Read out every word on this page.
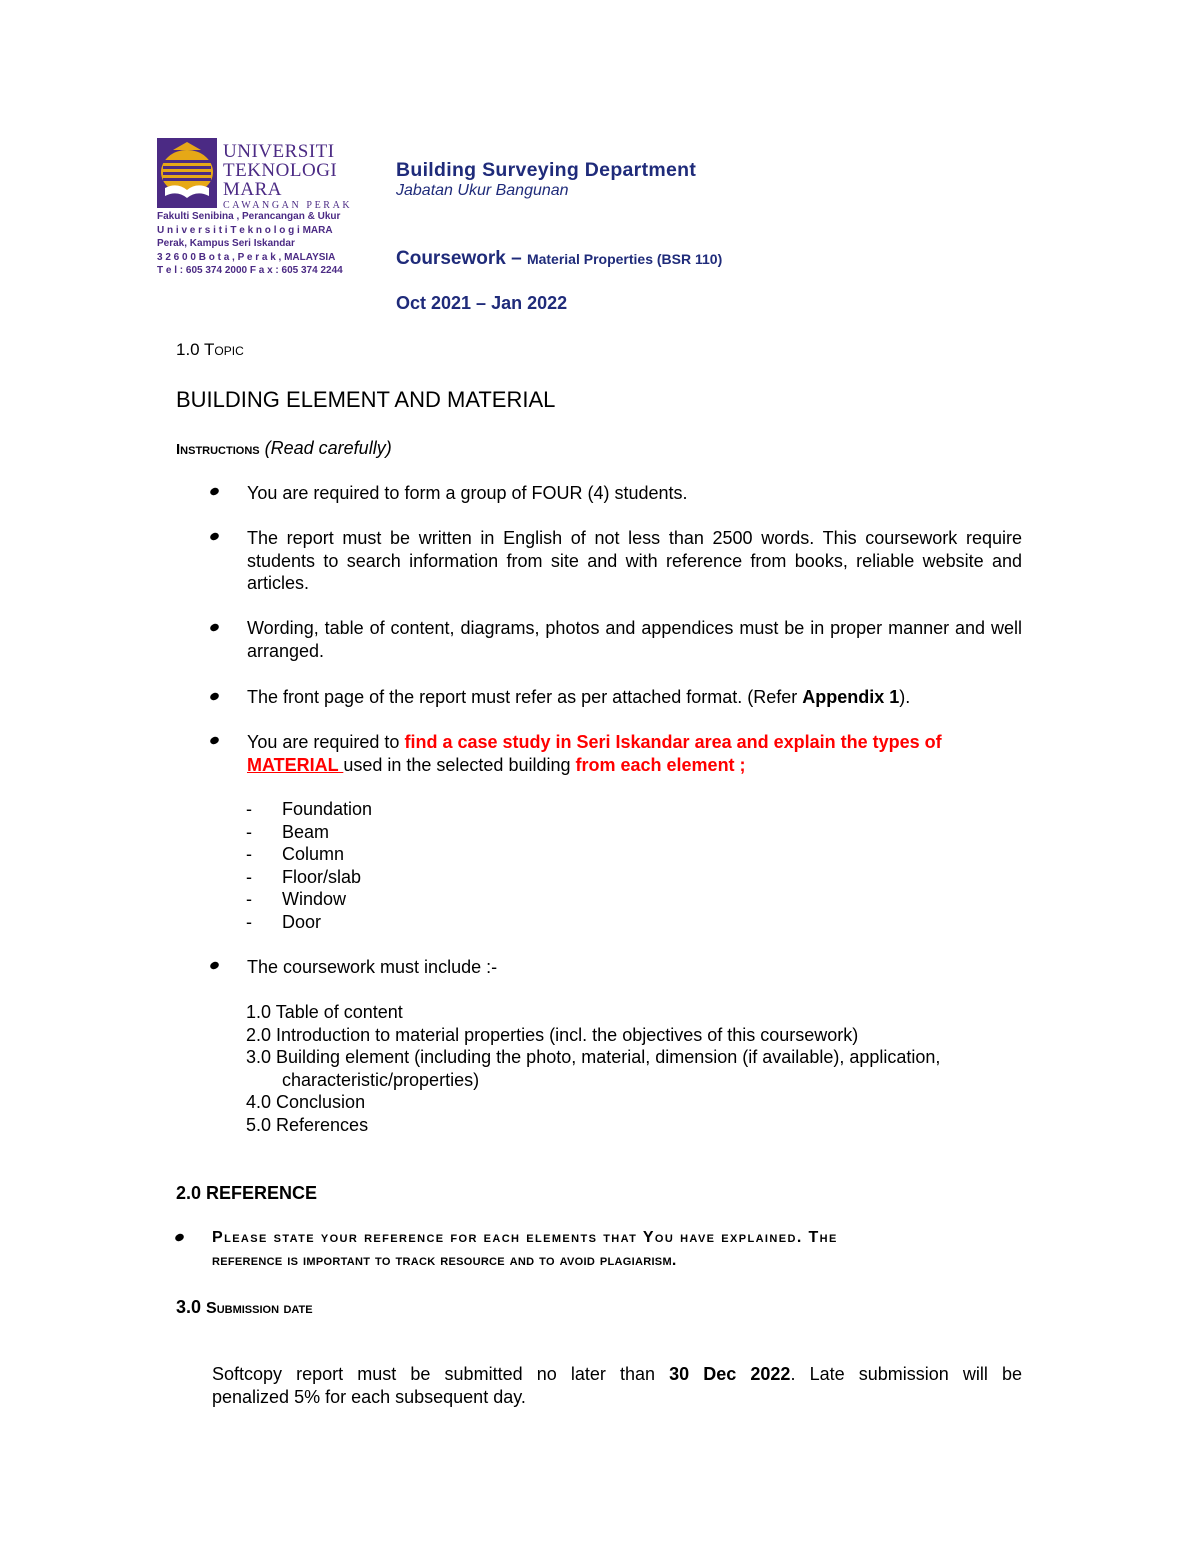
UNIVERSITI
TEKNOLOGI
MARA
CAWANGAN PERAK
Fakulti Senibina , Perancangan & Ukur
U n i v e r s i t i T e k n o l o g i MARA
Perak, Kampus Seri Iskandar
3 2 6 0 0 B o t a , P e r a k , MALAYSIA
T e l : 605 374 2000 F a x : 605 374 2244
Building Surveying Department
Jabatan Ukur Bangunan
Coursework – Material Properties (BSR 110)
Oct 2021 – Jan 2022
1.0 Topic
BUILDING ELEMENT AND MATERIAL
Instructions (Read carefully)
You are required to form a group of FOUR (4) students.
The report must be written in English of not less than 2500 words. This coursework require students to search information from site and with reference from books, reliable website and articles.
Wording, table of content, diagrams, photos and appendices must be in proper manner and well arranged.
The front page of the report must refer as per attached format. (Refer Appendix 1).
You are required to find a case study in Seri Iskandar area and explain the types of
MATERIAL used in the selected building from each element ;
- Foundation
- Beam
- Column
- Floor/slab
- Window
- Door
The coursework must include :-
1.0 Table of content
2.0 Introduction to material properties (incl. the objectives of this coursework)
3.0 Building element (including the photo, material, dimension (if available), application,
characteristic/properties)
4.0 Conclusion
5.0 References
2.0 REFERENCE
Please state your reference for each elements that You have explained. The
reference is important to track resource and to avoid plagiarism.
3.0 Submission date
Softcopy report must be submitted no later than 30 Dec 2022. Late submission will be
penalized 5% for each subsequent day.
